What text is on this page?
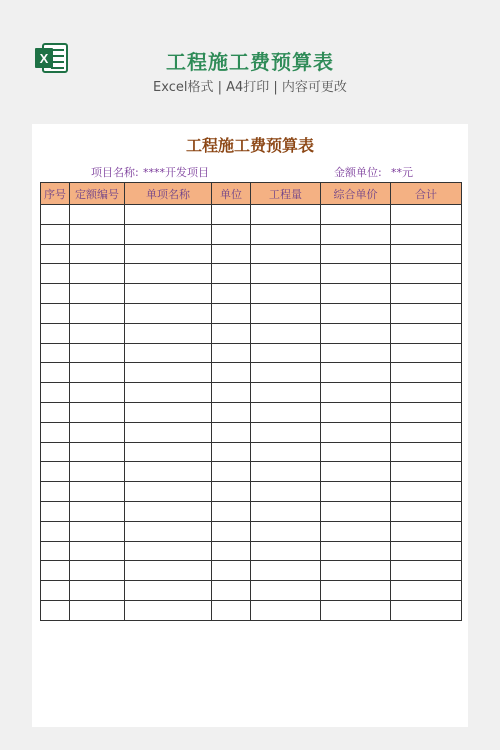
X	工程施工费预算表
Excel格式 | A4打印 | 内容可更改
工程施工费预算表
项目名称: ****开发项目	金额单位: **元
序号	定额编号	单项名称	单位	工程量	综合单价	合计
